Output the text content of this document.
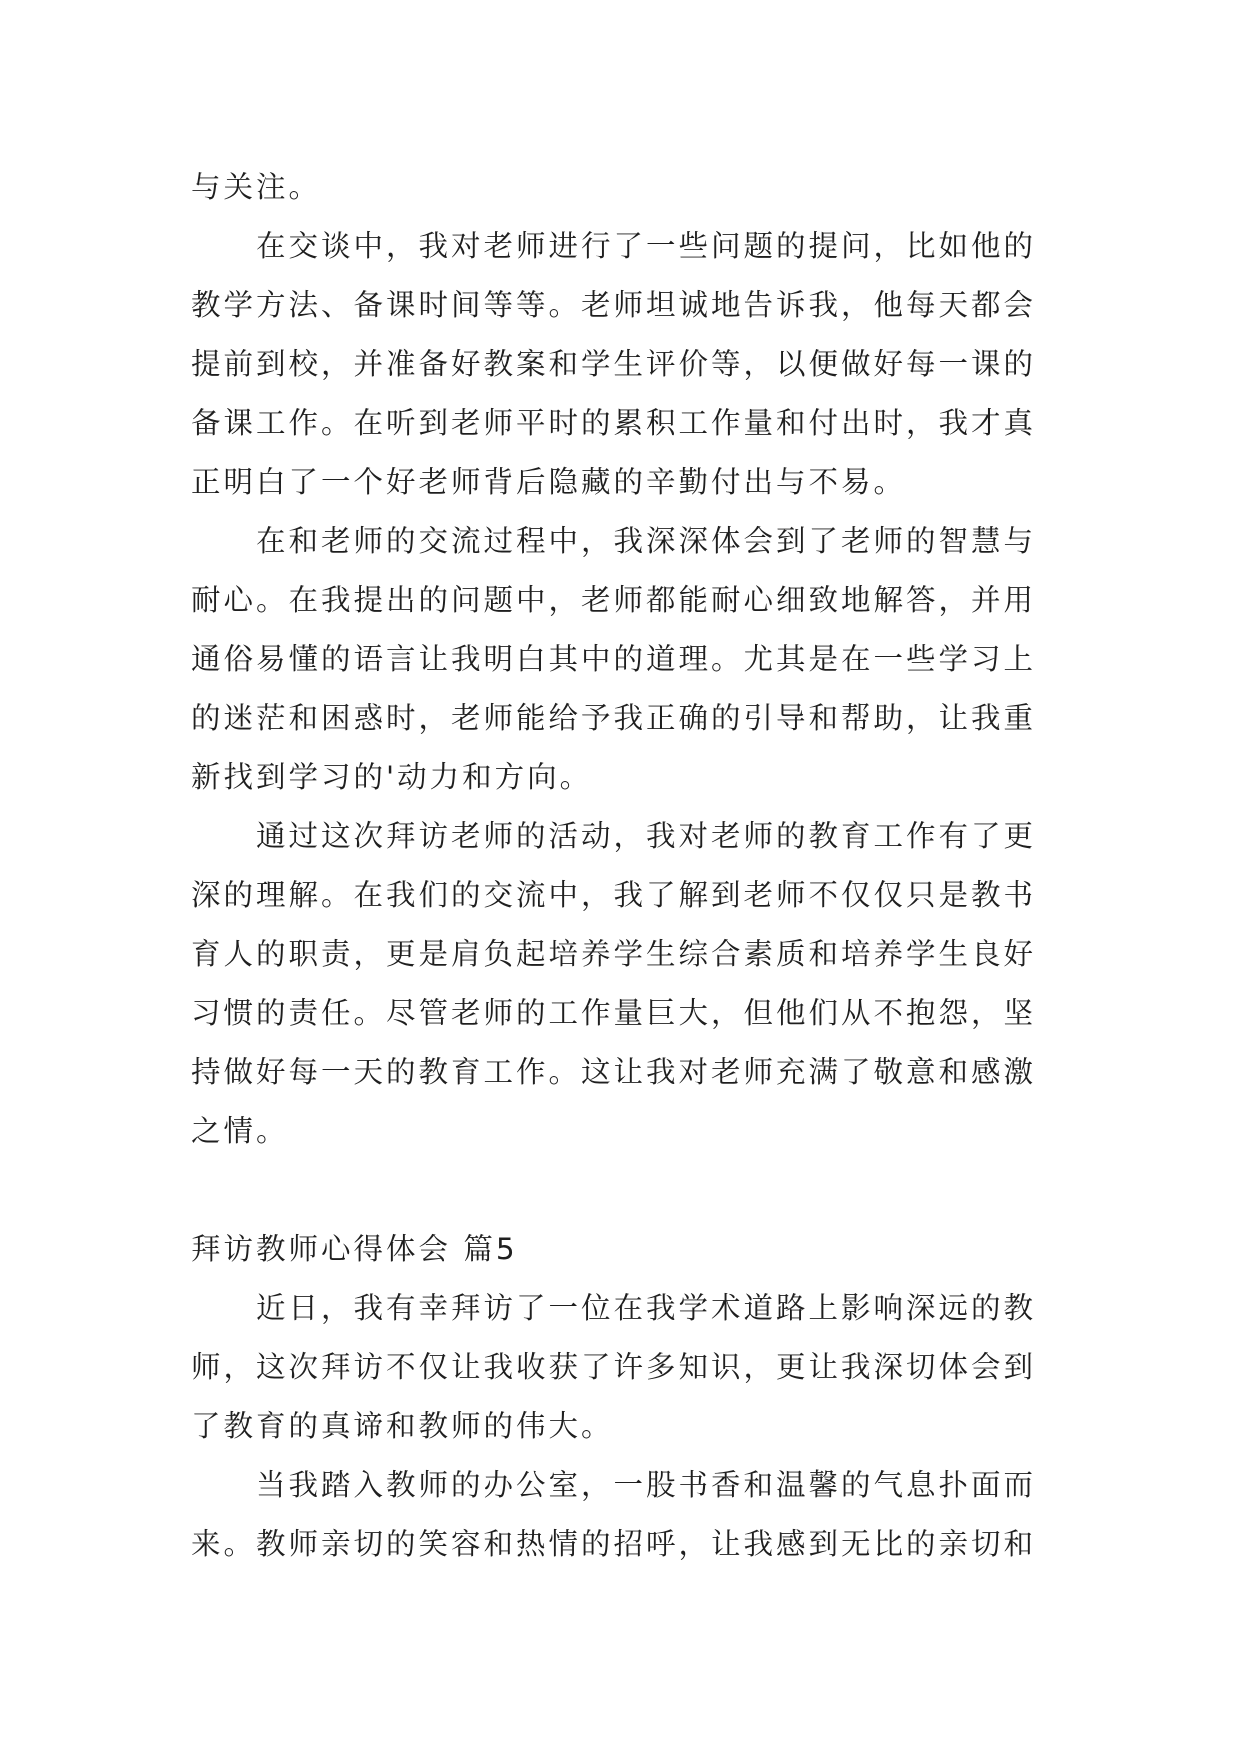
与关注。

在交谈中，我对老师进行了一些问题的提问，比如他的教学方法、备课时间等等。老师坦诚地告诉我，他每天都会提前到校，并准备好教案和学生评价等，以便做好每一课的备课工作。在听到老师平时的累积工作量和付出时，我才真正明白了一个好老师背后隐藏的辛勤付出与不易。

在和老师的交流过程中，我深深体会到了老师的智慧与耐心。在我提出的问题中，老师都能耐心细致地解答，并用通俗易懂的语言让我明白其中的道理。尤其是在一些学习上的迷茫和困惑时，老师能给予我正确的引导和帮助，让我重新找到学习的'动力和方向。

通过这次拜访老师的活动，我对老师的教育工作有了更深的理解。在我们的交流中，我了解到老师不仅仅只是教书育人的职责，更是肩负起培养学生综合素质和培养学生良好习惯的责任。尽管老师的工作量巨大，但他们从不抱怨，坚持做好每一天的教育工作。这让我对老师充满了敬意和感激之情。

拜访教师心得体会 篇5

近日，我有幸拜访了一位在我学术道路上影响深远的教师，这次拜访不仅让我收获了许多知识，更让我深切体会到了教育的真谛和教师的伟大。

当我踏入教师的办公室，一股书香和温馨的气息扑面而来。教师亲切的笑容和热情的招呼，让我感到无比的亲切和
